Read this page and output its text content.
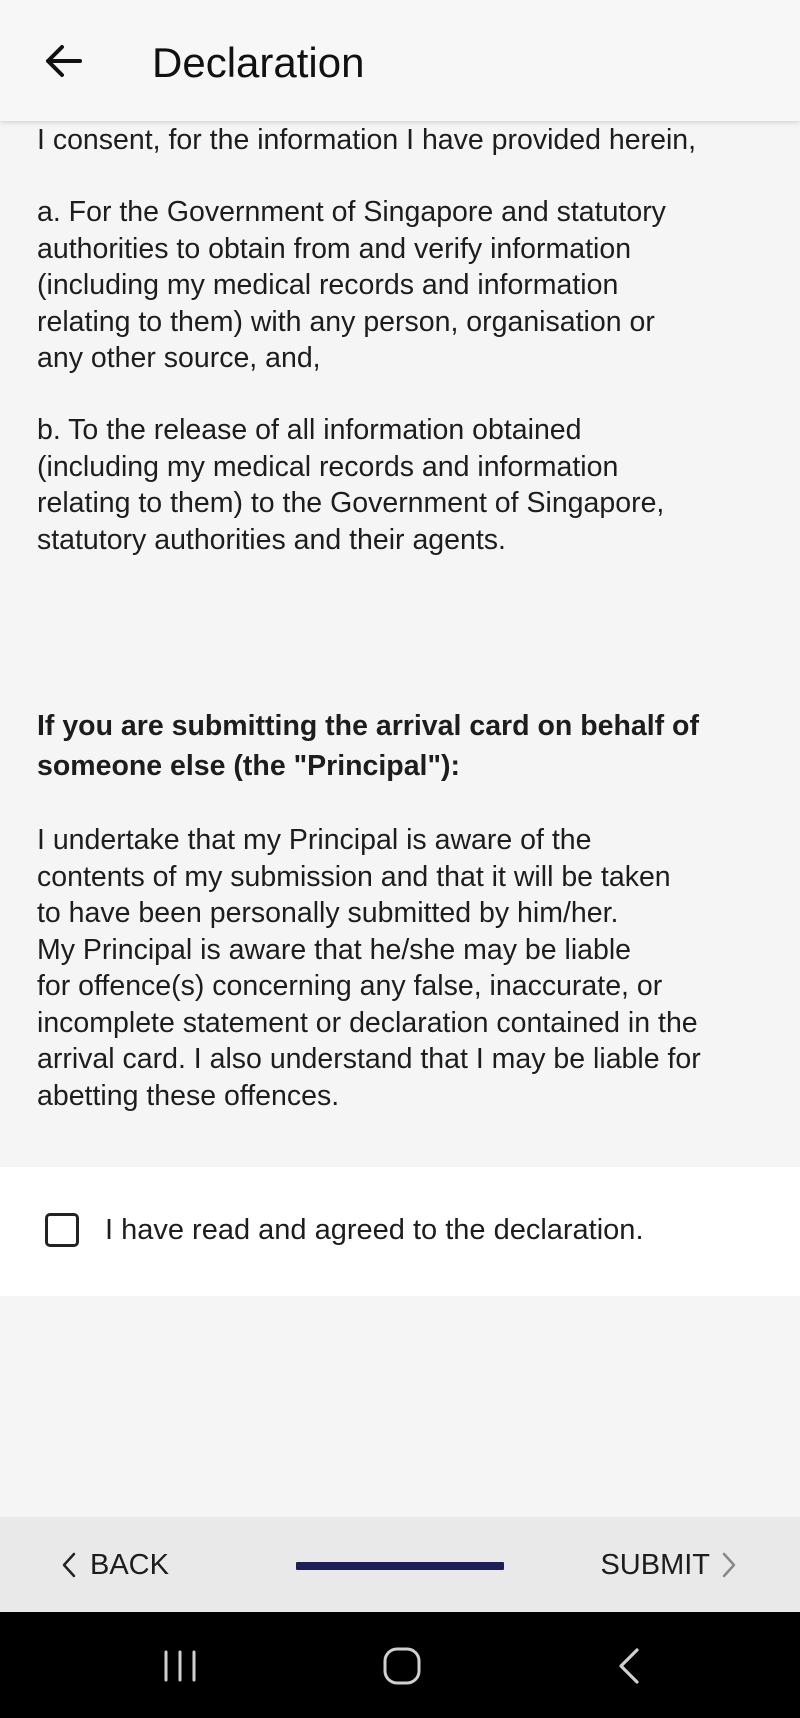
Declaration

I consent, for the information I have provided herein,

a. For the Government of Singapore and statutory
authorities to obtain from and verify information
(including my medical records and information
relating to them) with any person, organisation or
any other source, and,

b. To the release of all information obtained
(including my medical records and information
relating to them) to the Government of Singapore,
statutory authorities and their agents.

If you are submitting the arrival card on behalf of
someone else (the "Principal"):

I undertake that my Principal is aware of the
contents of my submission and that it will be taken
to have been personally submitted by him/her.
My Principal is aware that he/she may be liable
for offence(s) concerning any false, inaccurate, or
incomplete statement or declaration contained in the
arrival card. I also understand that I may be liable for
abetting these offences.

I have read and agreed to the declaration.
BACK	SUBMIT
